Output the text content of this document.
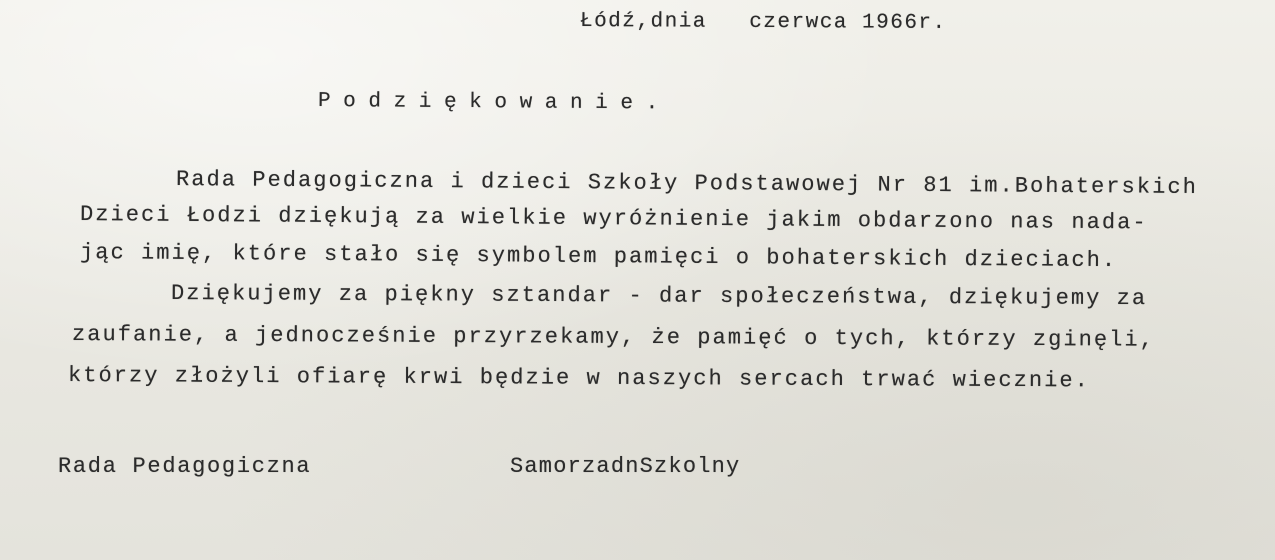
Łódź,dnia   czerwca 1966r.

Podziękowanie.

Rada Pedagogiczna i dzieci Szkoły Podstawowej Nr 81 im.Bohaterskich

Dzieci Łodzi dziękują za wielkie wyróżnienie jakim obdarzono nas nada-

jąc imię, które stało się symbolem pamięci o bohaterskich dzieciach.

Dziękujemy za piękny sztandar - dar społeczeństwa, dziękujemy za

zaufanie, a jednocześnie przyrzekamy, że pamięć o tych, którzy zginęli,

którzy złożyli ofiarę krwi będzie w naszych sercach trwać wiecznie.

Rada Pedagogiczna	SamorzadnSzkolny
